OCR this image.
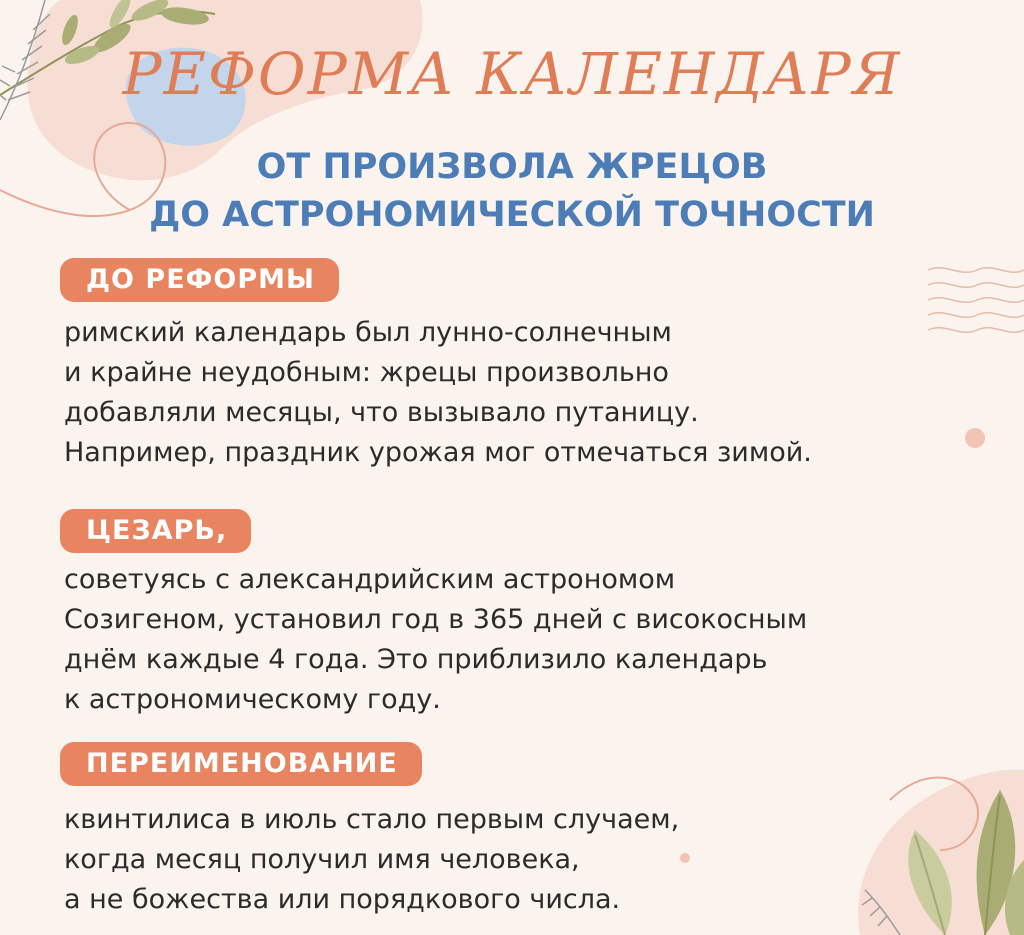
РЕФОРМА КАЛЕНДАРЯ
ОТ ПРОИЗВОЛА ЖРЕЦОВ
ДО АСТРОНОМИЧЕСКОЙ ТОЧНОСТИ
ДО РЕФОРМЫ
римский календарь был лунно-солнечным
и крайне неудобным: жрецы произвольно
добавляли месяцы, что вызывало путаницу.
Например, праздник урожая мог отмечаться зимой.
ЦЕЗАРЬ,
советуясь с александрийским астрономом
Созигеном, установил год в 365 дней с високосным
днём каждые 4 года. Это приблизило календарь
к астрономическому году.
ПЕРЕИМЕНОВАНИЕ
квинтилиса в июль стало первым случаем,
когда месяц получил имя человека,
а не божества или порядкового числа.
